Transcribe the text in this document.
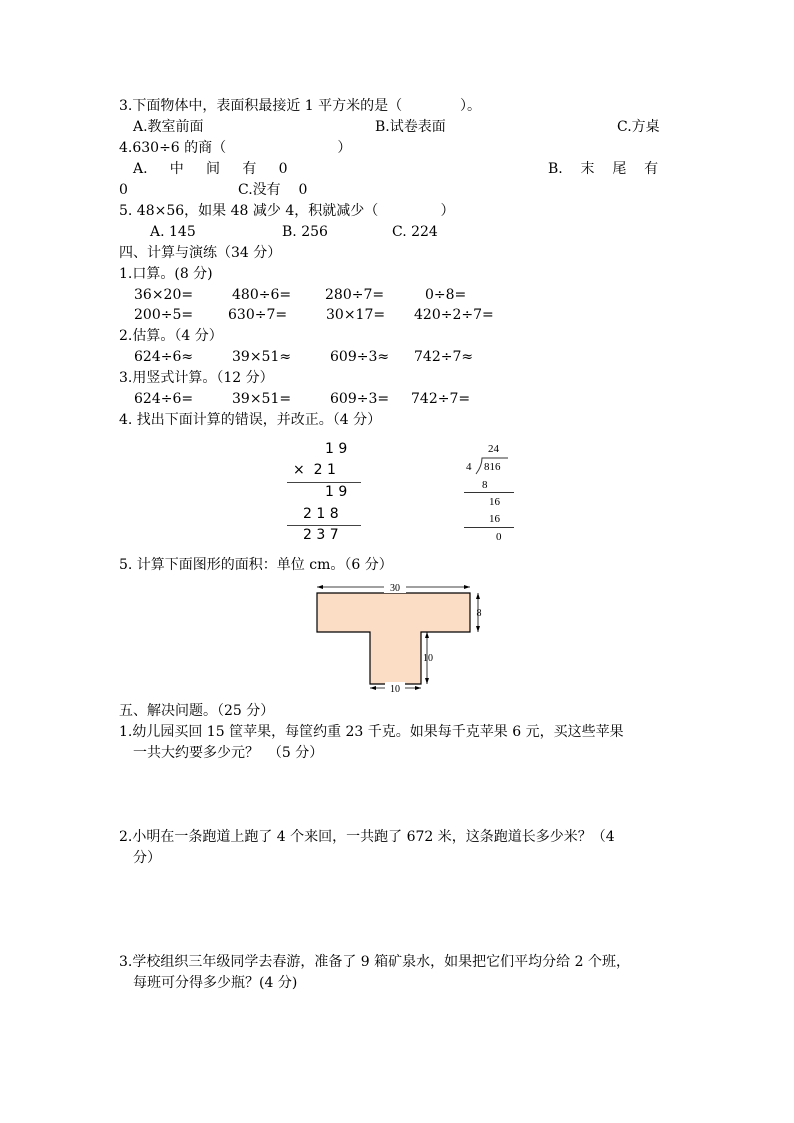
3.下面物体中，表面积最接近 1 平方米的是（             ）。
A.教室前面	B.试卷表面	C.方桌
4.630÷6 的商（                         ）
A.     中     间     有     0	B.    末    尾    有
0	C.没有    0
5. 48×56，如果 48 减少 4，积就减少（              ）
A. 145	B. 256	C. 224
四、计算与演练（34 分）
1.口算。(8 分)
36×20=	480÷6= 280÷7=	0÷8=
200÷5= 630÷7=	30×17= 420÷2÷7=
2.估算。（4 分）
624÷6≈	39×51≈	609÷3≈ 742÷7≈
3.用竖式计算。（12 分）
624÷6=	39×51=	609÷3= 742÷7=
4. 找出下面计算的错误，并改正。（4 分）
1 9
×  2 1
1 9
2 1 8
2 3 7
24
4 816
8
16
16
0
5. 计算下面图形的面积：单位 cm。（6 分）
30
8
10
10
五、解决问题。（25 分）
1.幼儿园买回 15 筐苹果，每筐约重 23 千克。如果每千克苹果 6 元，买这些苹果
一共大约要多少元？  （5 分）
2.小明在一条跑道上跑了 4 个来回，一共跑了 672 米，这条跑道长多少米？（4
分）
3.学校组织三年级同学去春游，准备了 9 箱矿泉水，如果把它们平均分给 2 个班，
每班可分得多少瓶？(4 分)
